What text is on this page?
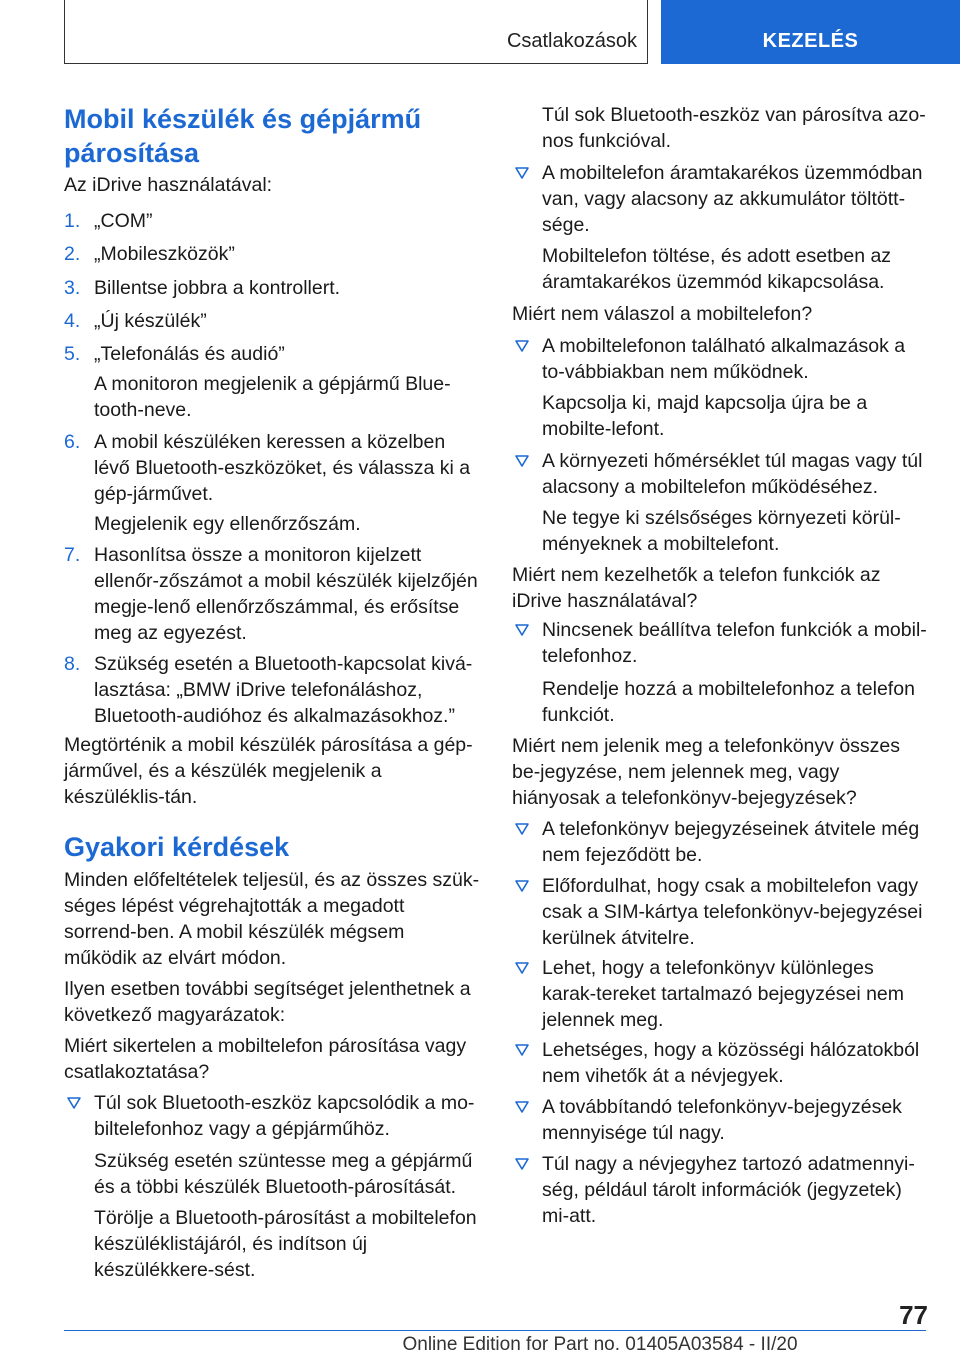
Csatlakozások	KEZELÉS
Mobil készülék és gépjármű párosítása

Az iDrive használatával:

1. „COM”
2. „Mobileszközök”
3. Billentse jobbra a kontrollert.
4. „Új készülék”
5. „Telefonálás és audió”
A monitoron megjelenik a gépjármű Blue-tooth-neve.
6. A mobil készüléken keressen a közelben lévő Bluetooth-eszközöket, és válassza ki a gép-járművet.
Megjelenik egy ellenőrzőszám.
7. Hasonlítsa össze a monitoron kijelzett ellenőr-zőszámot a mobil készülék kijelzőjén megje-lenő ellenőrzőszámmal, és erősítse meg az egyezést.
8. Szükség esetén a Bluetooth-kapcsolat kivá-lasztása: „BMW iDrive telefonáláshoz, Bluetooth-audióhoz és alkalmazásokhoz.”

Megtörténik a mobil készülék párosítása a gép-járművel, és a készülék megjelenik a készüléklis-tán.

Gyakori kérdések

Minden előfeltételek teljesül, és az összes szük-séges lépést végrehajtották a megadott sorrend-ben. A mobil készülék mégsem működik az elvárt módon.

Ilyen esetben további segítséget jelenthetnek a következő magyarázatok:

Miért sikertelen a mobiltelefon párosítása vagy csatlakoztatása?

Túl sok Bluetooth-eszköz kapcsolódik a mo-biltelefonhoz vagy a gépjárműhöz.
Szükség esetén szüntesse meg a gépjármű és a többi készülék Bluetooth-párosítását.
Törölje a Bluetooth-párosítást a mobiltelefon készüléklistájáról, és indítson új készülékkere-sést.
Túl sok Bluetooth-eszköz van párosítva azo-nos funkcióval.
A mobiltelefon áramtakarékos üzemmódban van, vagy alacsony az akkumulátor töltött-sége.
Mobiltelefon töltése, és adott esetben az áramtakarékos üzemmód kikapcsolása.

Miért nem válaszol a mobiltelefon?

A mobiltelefonon található alkalmazások a to-vábbiakban nem működnek.
Kapcsolja ki, majd kapcsolja újra be a mobilte-lefont.
A környezeti hőmérséklet túl magas vagy túl alacsony a mobiltelefon működéséhez.
Ne tegye ki szélsőséges környezeti körül-ményeknek a mobiltelefont.

Miért nem kezelhetők a telefon funkciók az iDrive használatával?

Nincsenek beállítva telefon funkciók a mobil-telefonhoz.
Rendelje hozzá a mobiltelefonhoz a telefon funkciót.

Miért nem jelenik meg a telefonkönyv összes be-jegyzése, nem jelennek meg, vagy hiányosak a telefonkönyv-bejegyzések?

A telefonkönyv bejegyzéseinek átvitele még nem fejeződött be.
Előfordulhat, hogy csak a mobiltelefon vagy csak a SIM-kártya telefonkönyv-bejegyzései kerülnek átvitelre.
Lehet, hogy a telefonkönyv különleges karak-tereket tartalmazó bejegyzései nem jelennek meg.
Lehetséges, hogy a közösségi hálózatokból nem vihetők át a névjegyek.
A továbbítandó telefonkönyv-bejegyzések mennyisége túl nagy.
Túl nagy a névjegyhez tartozó adatmennyi-ség, például tárolt információk (jegyzetek) mi-att.
77
Online Edition for Part no. 01405A03584 - II/20
